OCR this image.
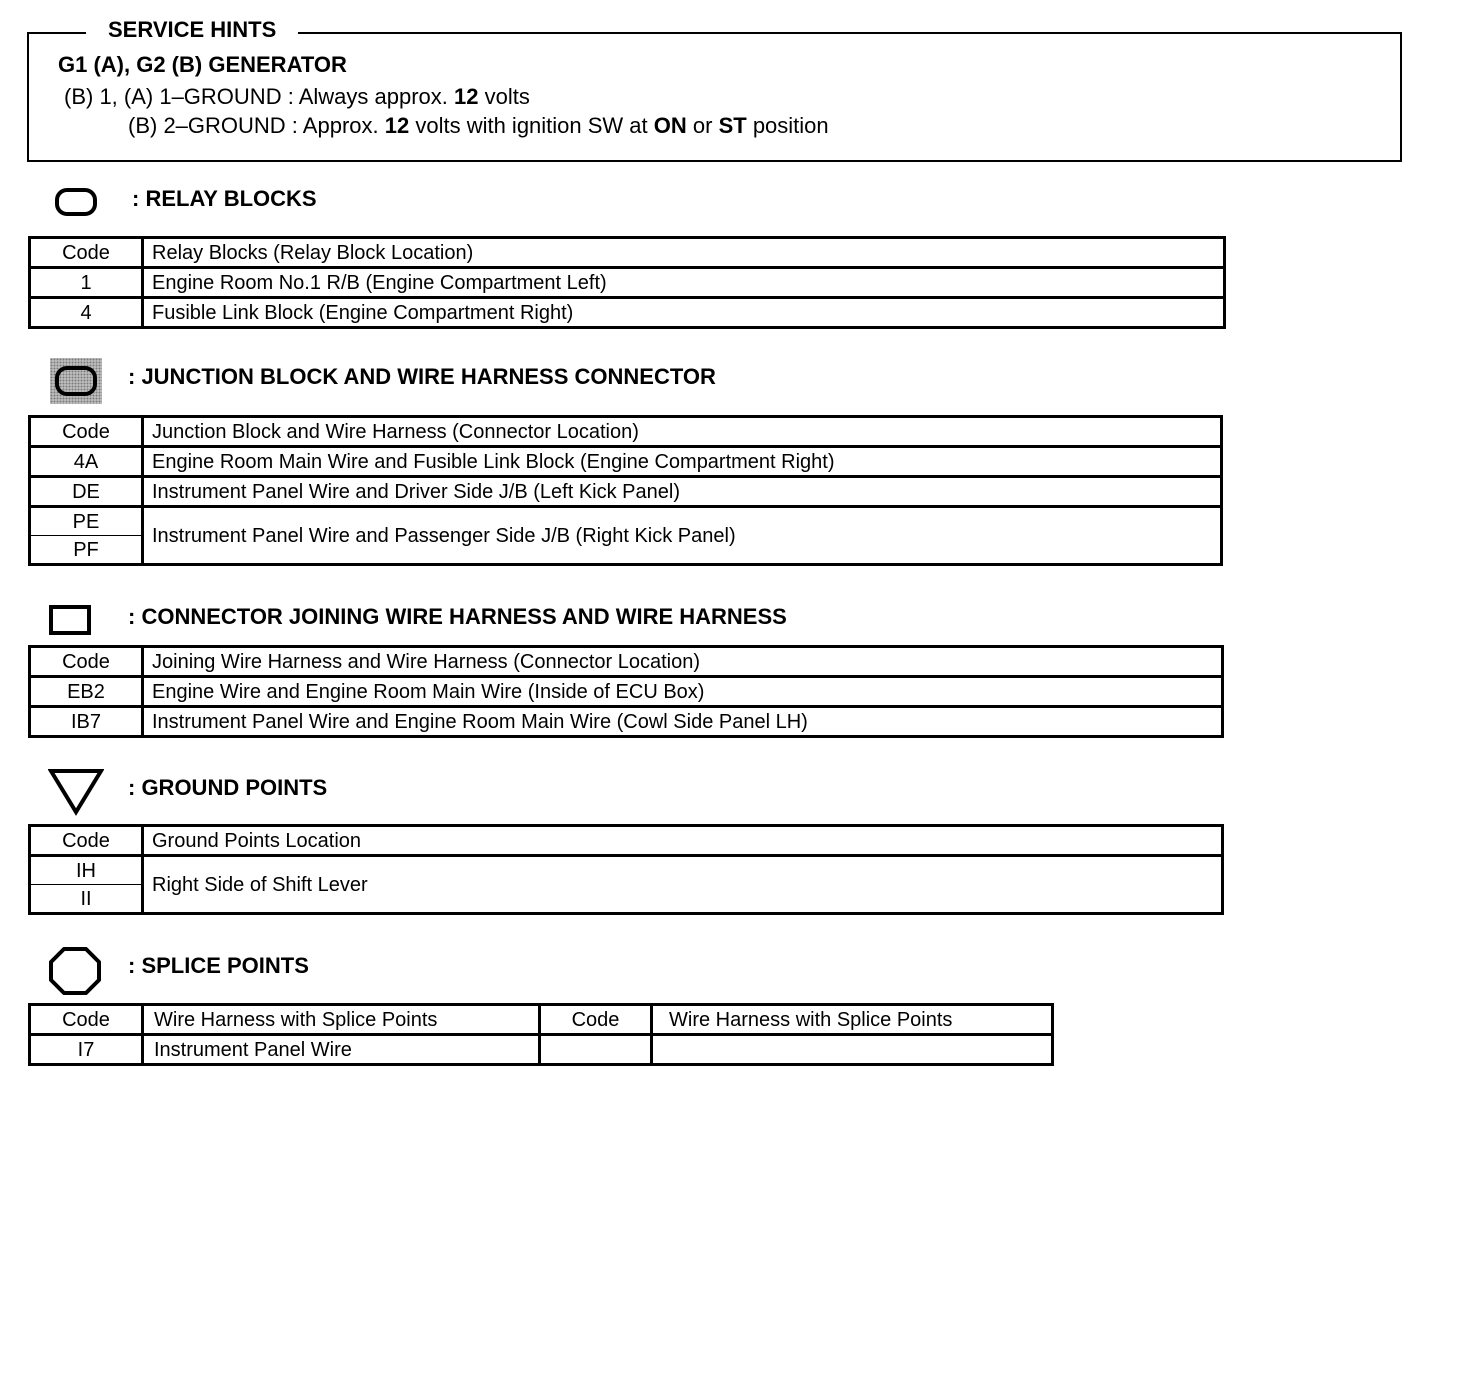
SERVICE HINTS
G1 (A), G2 (B) GENERATOR
(B) 1, (A) 1–GROUND : Always approx. 12 volts
(B) 2–GROUND : Approx. 12 volts with ignition SW at ON or ST position
: RELAY BLOCKS
Code	Relay Blocks (Relay Block Location)
1	Engine Room No.1 R/B (Engine Compartment Left)
4	Fusible Link Block (Engine Compartment Right)
: JUNCTION BLOCK AND WIRE HARNESS CONNECTOR
Code	Junction Block and Wire Harness (Connector Location)
4A	Engine Room Main Wire and Fusible Link Block (Engine Compartment Right)
DE	Instrument Panel Wire and Driver Side J/B (Left Kick Panel)
PE	Instrument Panel Wire and Passenger Side J/B (Right Kick Panel)
PF	
: CONNECTOR JOINING WIRE HARNESS AND WIRE HARNESS
Code	Joining Wire Harness and Wire Harness (Connector Location)
EB2	Engine Wire and Engine Room Main Wire (Inside of ECU Box)
IB7	Instrument Panel Wire and Engine Room Main Wire (Cowl Side Panel LH)
: GROUND POINTS
Code	Ground Points Location
IH	Right Side of Shift Lever
II	
: SPLICE POINTS
Code	Wire Harness with Splice Points	Code	Wire Harness with Splice Points
I7	Instrument Panel Wire		
